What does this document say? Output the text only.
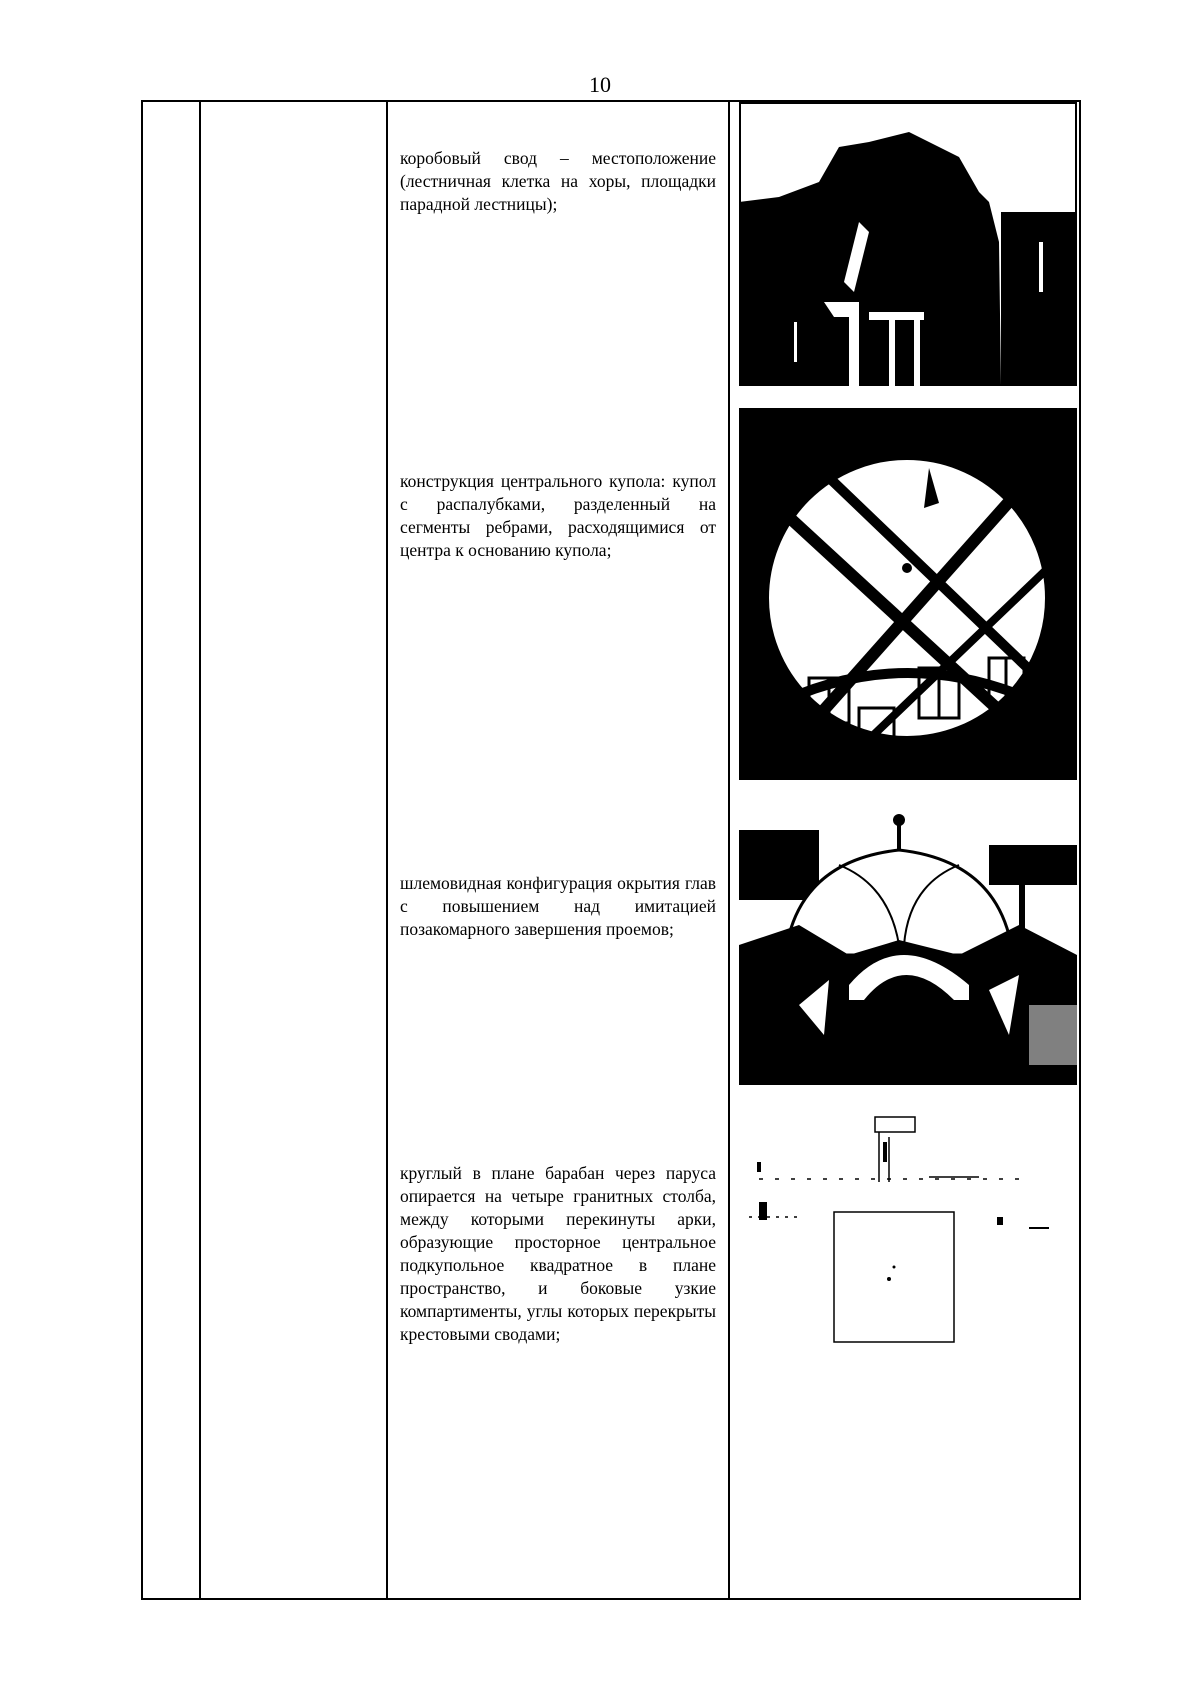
10

коробовый свод – местоположение (лестничная клетка на хоры, площадки парадной лестницы);

конструкция центрального купола: купол с распалубками, разделенный на сегменты ребрами, расходящимися от центра к основанию купола;

шлемовидная конфигурация окрытия глав с повышением над имитацией позакомарного завершения проемов;

круглый в плане барабан через паруса опирается на четыре гранитных столба, между которыми перекинуты арки, образующие просторное центральное подкупольное квадратное в плане пространство, и боковые узкие компартименты, углы которых перекрыты крестовыми сводами;
